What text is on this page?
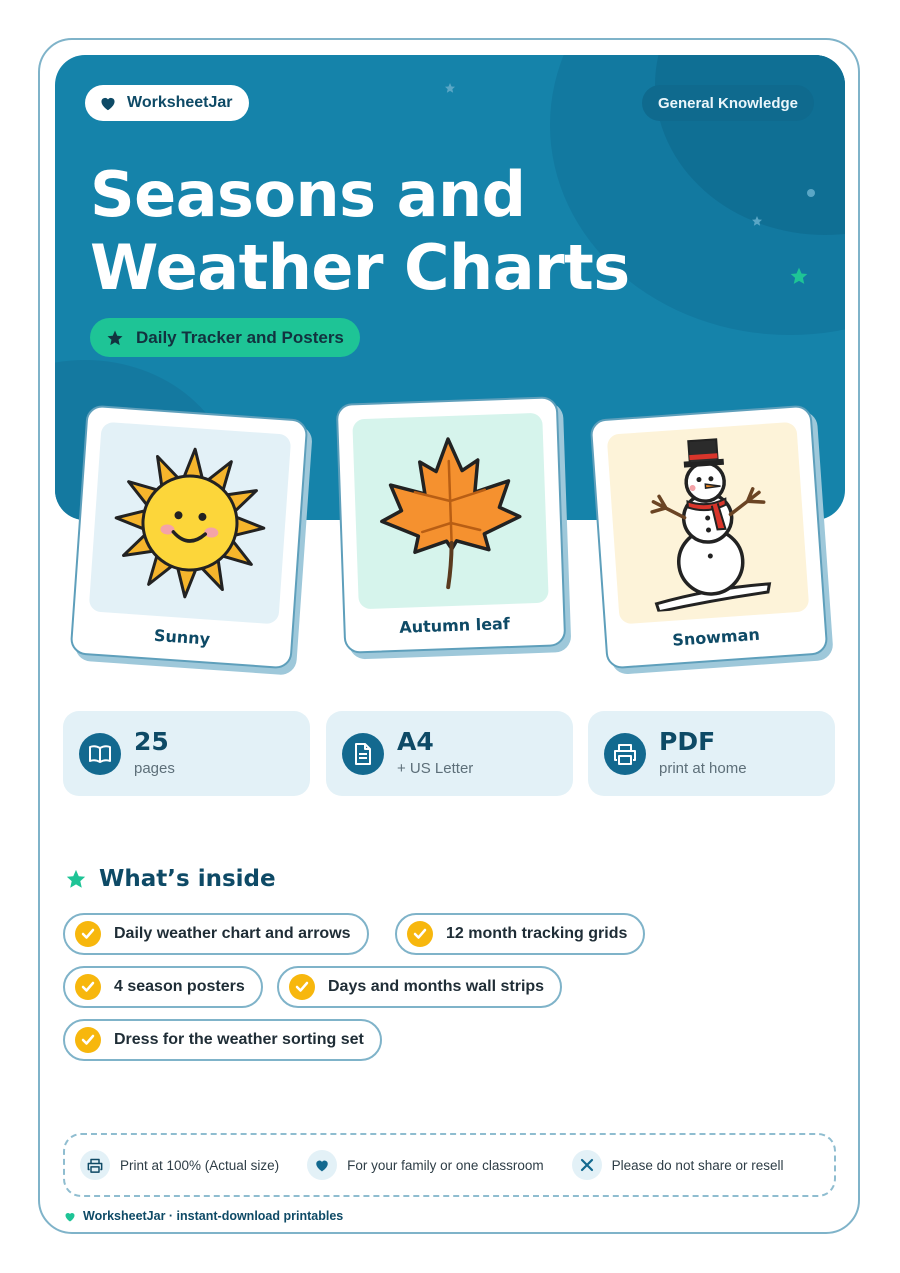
WorksheetJar	General Knowledge
Seasons and
Weather Charts
Daily Tracker and Posters
Sunny
Autumn leaf	Snowman
25
pages
A4
+ US Letter
PDF
print at home
What’s inside
Daily weather chart and arrows	12 month tracking grids
4 season posters	Days and months wall strips
Dress for the weather sorting set
Print at 100% (Actual size)	For your family or one classroom	Please do not share or resell
WorksheetJar · instant-download printables
